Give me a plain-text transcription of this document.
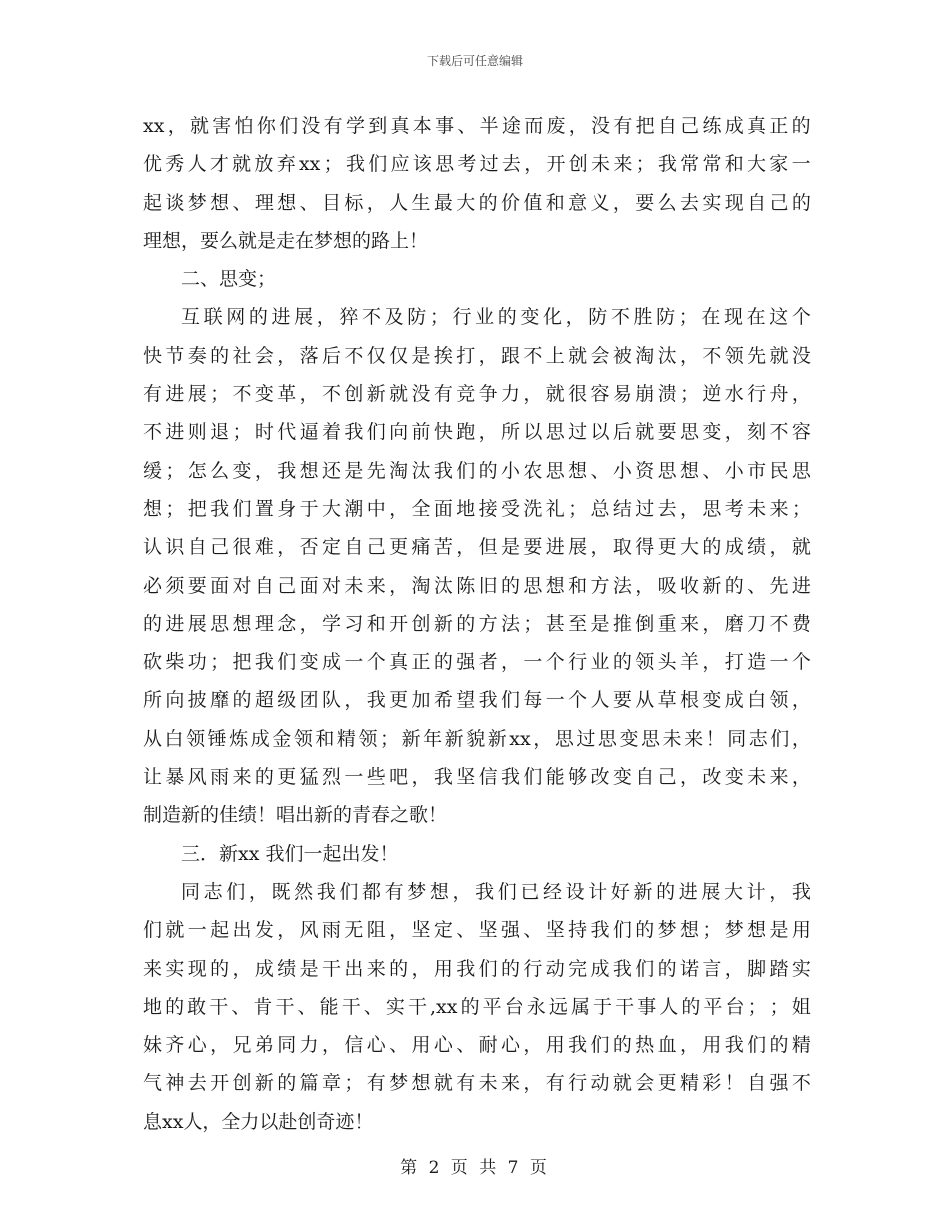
下载后可任意编辑
xx ， 就 害 怕 你 们 没 有 学 到 真 本 事 、 半 途 而 废 ， 没 有 把 自 己 练 成 真 正 的
优 秀 人 才 就 放 弃 xx ； 我 们 应 该 思 考 过 去 ， 开 创 未 来 ； 我 常 常 和 大 家 一
起 谈 梦 想 、 理 想 、 目 标 ， 人 生 最 大 的 价 值 和 意 义 ， 要 么 去 实 现 自 己 的
理想，要么就是走在梦想的路上！
二、思变；
互 联 网 的 进 展 ， 猝 不 及 防 ； 行 业 的 变 化 ， 防 不 胜 防 ； 在 现 在 这 个
快 节 奏 的 社 会 ， 落 后 不 仅 仅 是 挨 打 ， 跟 不 上 就 会 被 淘 汰 ， 不 领 先 就 没
有 进 展 ； 不 变 革 ， 不 创 新 就 没 有 竞 争 力 ， 就 很 容 易 崩 溃 ； 逆 水 行 舟 ，
不 进 则 退 ； 时 代 逼 着 我 们 向 前 快 跑 ， 所 以 思 过 以 后 就 要 思 变 ， 刻 不 容
缓 ； 怎 么 变 ， 我 想 还 是 先 淘 汰 我 们 的 小 农 思 想 、 小 资 思 想 、 小 市 民 思
想 ； 把 我 们 置 身 于 大 潮 中 ， 全 面 地 接 受 洗 礼 ； 总 结 过 去 ， 思 考 未 来 ；
认 识 自 己 很 难 ， 否 定 自 己 更 痛 苦 ， 但 是 要 进 展 ， 取 得 更 大 的 成 绩 ， 就
必 须 要 面 对 自 己 面 对 未 来 ， 淘 汰 陈 旧 的 思 想 和 方 法 ， 吸 收 新 的 、 先 进
的 进 展 思 想 理 念 ， 学 习 和 开 创 新 的 方 法 ； 甚 至 是 推 倒 重 来 ， 磨 刀 不 费
砍 柴 功 ； 把 我 们 变 成 一 个 真 正 的 强 者 ， 一 个 行 业 的 领 头 羊 ， 打 造 一 个
所 向 披 靡 的 超 级 团 队 ， 我 更 加 希 望 我 们 每 一 个 人 要 从 草 根 变 成 白 领 ，
从 白 领 锤 炼 成 金 领 和 精 领 ； 新 年 新 貌 新 xx ， 思 过 思 变 思 未 来 ！ 同 志 们 ，
让 暴 风 雨 来 的 更 猛 烈 一 些 吧 ， 我 坚 信 我 们 能 够 改 变 自 己 ， 改 变 未 来 ，
制造新的佳绩！唱出新的青春之歌！
三．新xx 我们一起出发！
同 志 们 ， 既 然 我 们 都 有 梦 想 ， 我 们 已 经 设 计 好 新 的 进 展 大 计 ， 我
们 就 一 起 出 发 ， 风 雨 无 阻 ， 坚 定 、 坚 强 、 坚 持 我 们 的 梦 想 ； 梦 想 是 用
来 实 现 的 ， 成 绩 是 干 出 来 的 ， 用 我 们 的 行 动 完 成 我 们 的 诺 言 ， 脚 踏 实
地 的 敢 干 、 肯 干 、 能 干 、 实 干 ,xx 的 平 台 永 远 属 于 干 事 人 的 平 台 ； ； 姐
妹 齐 心 ， 兄 弟 同 力 ， 信 心 、 用 心 、 耐 心 ， 用 我 们 的 热 血 ， 用 我 们 的 精
气 神 去 开 创 新 的 篇 章 ； 有 梦 想 就 有 未 来 ， 有 行 动 就 会 更 精 彩 ！ 自 强 不
息xx人，全力以赴创奇迹！
第 2 页 共 7 页
